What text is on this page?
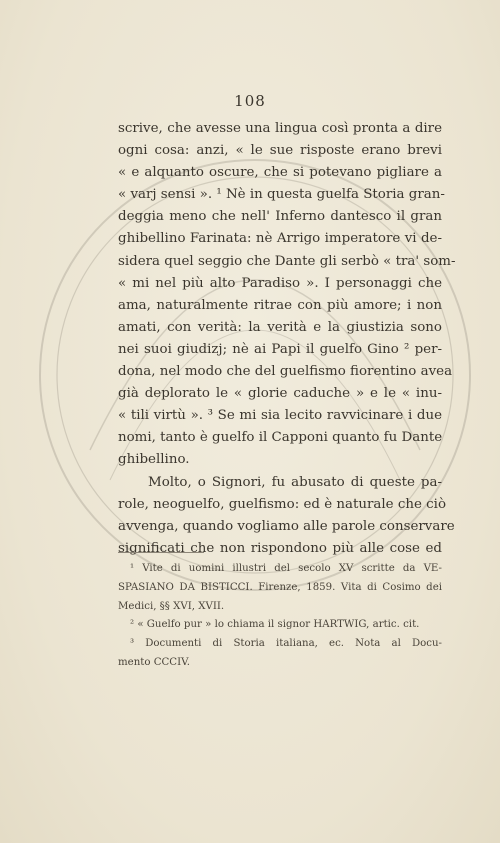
108
scrive, che avesse una lingua così pronta a dire
ogni cosa: anzi, « le sue risposte erano brevi
« e alquanto oscure, che si potevano pigliare a
« varj sensi ». ¹ Nè in questa guelfa Storia gran-
deggia meno che nell' Inferno dantesco il gran
ghibellino Farinata: nè Arrigo imperatore vi de-
sidera quel seggio che Dante gli serbò « tra' som-
« mi nel più alto Paradiso ». I personaggi che
ama, naturalmente ritrae con più amore; i non
amati, con verità: la verità e la giustizia sono
nei suoi giudizj; nè ai Papi il guelfo Gino ² per-
dona, nel modo che del guelfismo fiorentino avea
già deplorato le « glorie caduche » e le « inu-
« tili virtù ». ³ Se mi sia lecito ravvicinare i due
nomi, tanto è guelfo il Capponi quanto fu Dante
ghibellino.
Molto, o Signori, fu abusato di queste pa-
role, neoguelfo, guelfismo: ed è naturale che ciò
avvenga, quando vogliamo alle parole conservare
significati che non rispondono più alle cose ed
¹ Vite di uomini illustri del secolo XV scritte da VE-
SPASIANO DA BISTICCI. Firenze, 1859. Vita di Cosimo dei
Medici, §§ XVI, XVII.
² « Guelfo pur » lo chiama il signor HARTWIG, artic. cit.
³ Documenti di Storia italiana, ec. Nota al Docu-
mento CCCIV.
